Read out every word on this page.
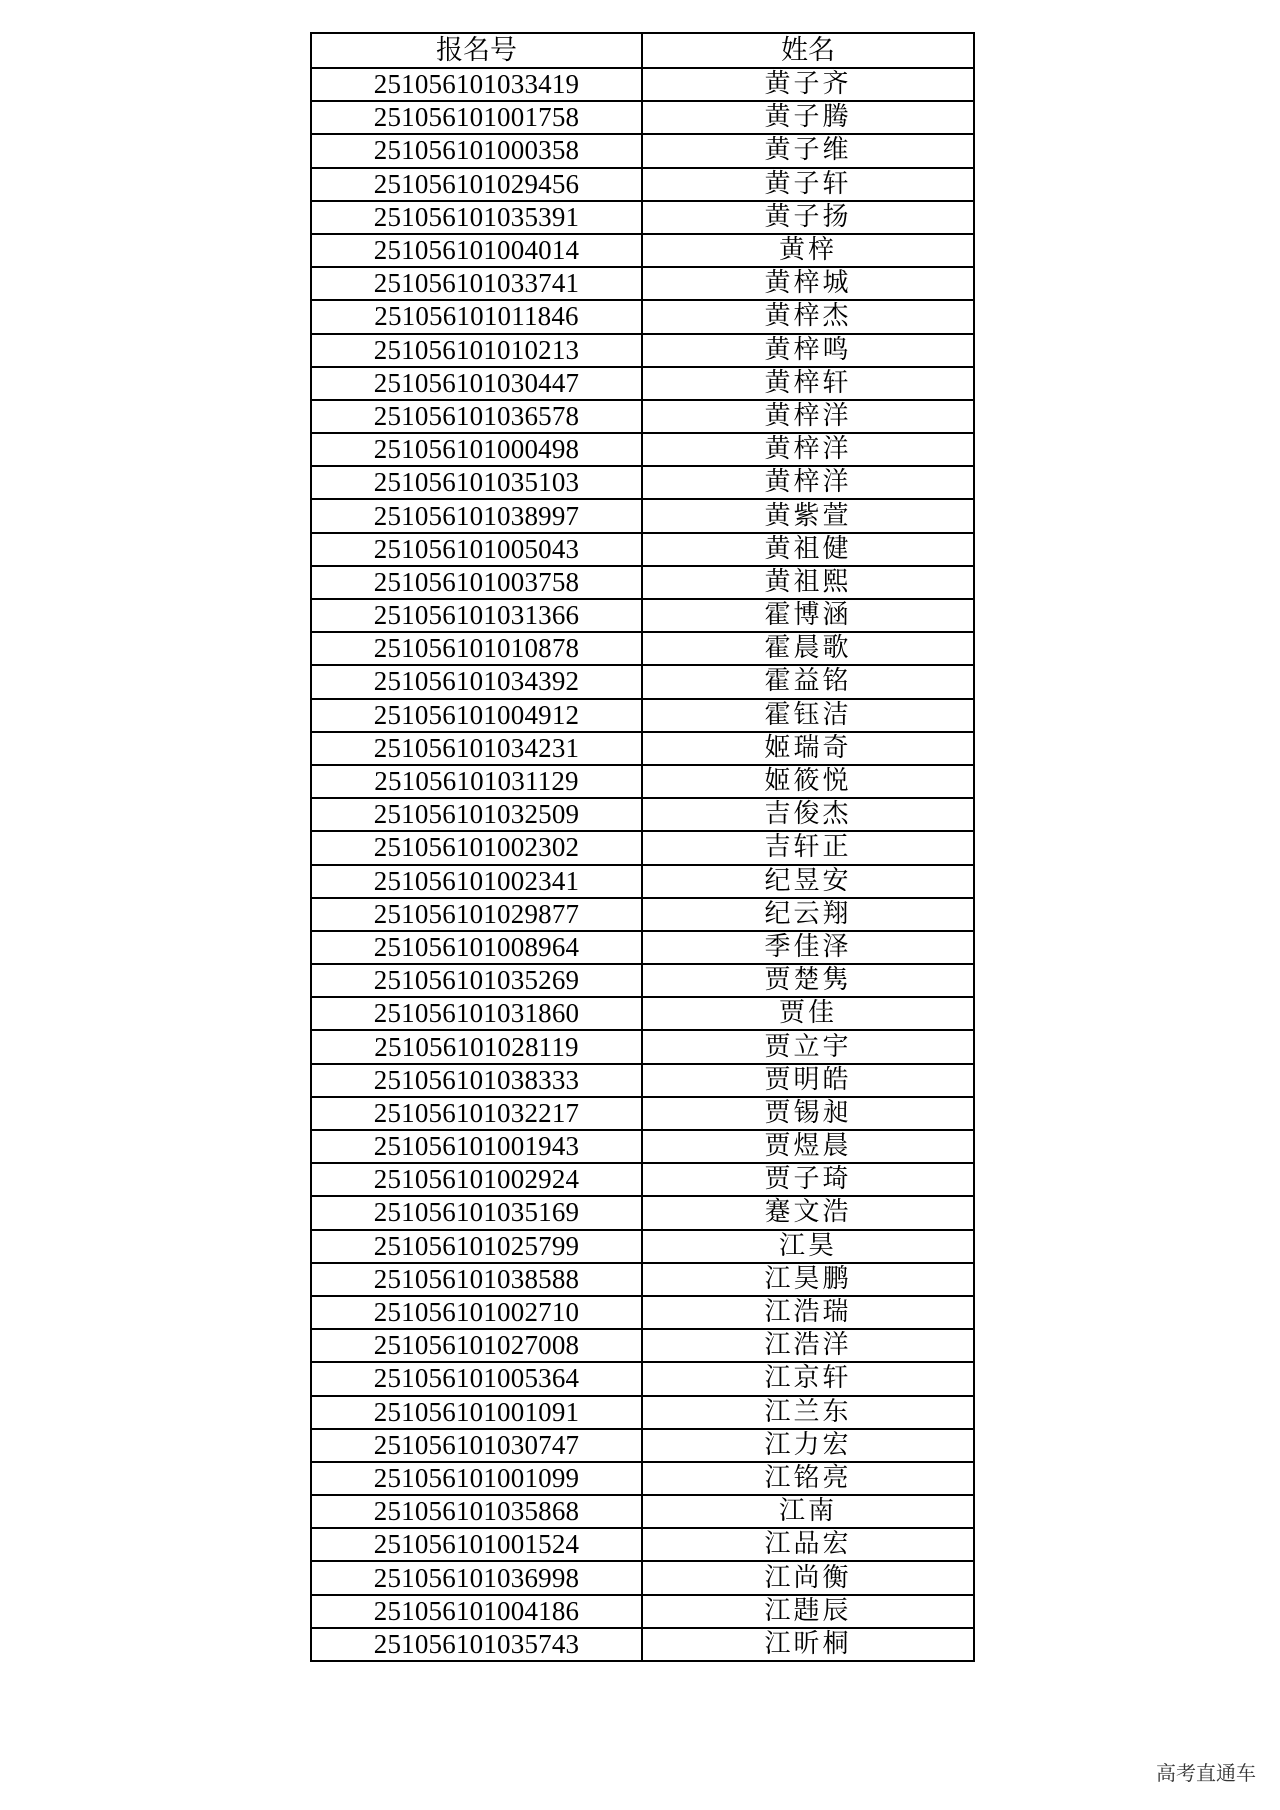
报名号	姓名
251056101033419	黄子齐
251056101001758	黄子腾
251056101000358	黄子维
251056101029456	黄子轩
251056101035391	黄子扬
251056101004014	黄梓
251056101033741	黄梓城
251056101011846	黄梓杰
251056101010213	黄梓鸣
251056101030447	黄梓轩
251056101036578	黄梓洋
251056101000498	黄梓洋
251056101035103	黄梓洋
251056101038997	黄紫萱
251056101005043	黄祖健
251056101003758	黄祖熙
251056101031366	霍博涵
251056101010878	霍晨歌
251056101034392	霍益铭
251056101004912	霍钰洁
251056101034231	姬瑞奇
251056101031129	姬筱悦
251056101032509	吉俊杰
251056101002302	吉轩正
251056101002341	纪昱安
251056101029877	纪云翔
251056101008964	季佳泽
251056101035269	贾楚隽
251056101031860	贾佳
251056101028119	贾立宇
251056101038333	贾明皓
251056101032217	贾锡昶
251056101001943	贾煜晨
251056101002924	贾子琦
251056101035169	蹇文浩
251056101025799	江昊
251056101038588	江昊鹏
251056101002710	江浩瑞
251056101027008	江浩洋
251056101005364	江京轩
251056101001091	江兰东
251056101030747	江力宏
251056101001099	江铭亮
251056101035868	江南
251056101001524	江品宏
251056101036998	江尚衡
251056101004186	江韪辰
251056101035743	江昕桐
高考直通车
